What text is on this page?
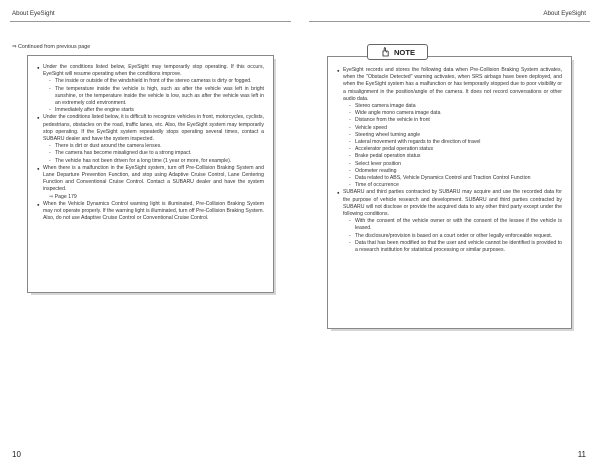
About EyeSight	About EyeSight
⇒ Continued from previous page
● Under the conditions listed below, EyeSight may temporarily stop operating. If this occurs, EyeSight will resume operating when the conditions improve.
- The inside or outside of the windshield in front of the stereo cameras is dirty or fogged.
- The temperature inside the vehicle is high, such as after the vehicle was left in bright sunshine, or the temperature inside the vehicle is low, such as after the vehicle was left in an extremely cold environment.
- Immediately after the engine starts
● Under the conditions listed below, it is difficult to recognize vehicles in front, motorcycles, cyclists, pedestrians, obstacles on the road, traffic lanes, etc. Also, the EyeSight system may temporarily stop operating. If the EyeSight system repeatedly stops operating several times, contact a SUBARU dealer and have the system inspected.
- There is dirt or dust around the camera lenses.
- The camera has become misaligned due to a strong impact.
- The vehicle has not been driven for a long time (1 year or more, for example).
● When there is a malfunction in the EyeSight system, turn off Pre-Collision Braking System and Lane Departure Prevention Function, and stop using Adaptive Cruise Control, Lane Centering Function and Conventional Cruise Control. Contact a SUBARU dealer and have the system inspected.
⇒ Page 179
● When the Vehicle Dynamics Control warning light is illuminated, Pre-Collision Braking System may not operate properly. If the warning light is illuminated, turn off Pre-Collision Braking System. Also, do not use Adaptive Cruise Control or Conventional Cruise Control.
● EyeSight records and stores the following data when Pre-Collision Braking System activates, when the "Obstacle Detected" warning activates, when SRS airbags have been deployed, and when the EyeSight system has a malfunction or has temporarily stopped due to poor visibility or a misalignment in the position/angle of the camera. It does not record conversations or other audio data.
- Stereo camera image data
- Wide angle mono camera image data
- Distance from the vehicle in front
- Vehicle speed
- Steering wheel turning angle
- Lateral movement with regards to the direction of travel
- Accelerator pedal operation status
- Brake pedal operation status
- Select lever position
- Odometer reading
- Data related to ABS, Vehicle Dynamics Control and Traction Control Function
- Time of occurrence
● SUBARU and third parties contracted by SUBARU may acquire and use the recorded data for the purpose of vehicle research and development. SUBARU and third parties contracted by SUBARU will not disclose or provide the acquired data to any other third party except under the following conditions.
- With the consent of the vehicle owner or with the consent of the lessee if the vehicle is leased.
- The disclosure/provision is based on a court order or other legally enforceable request.
- Data that has been modified so that the user and vehicle cannot be identified is provided to a research institution for statistical processing or similar purposes.
NOTE
10	11
